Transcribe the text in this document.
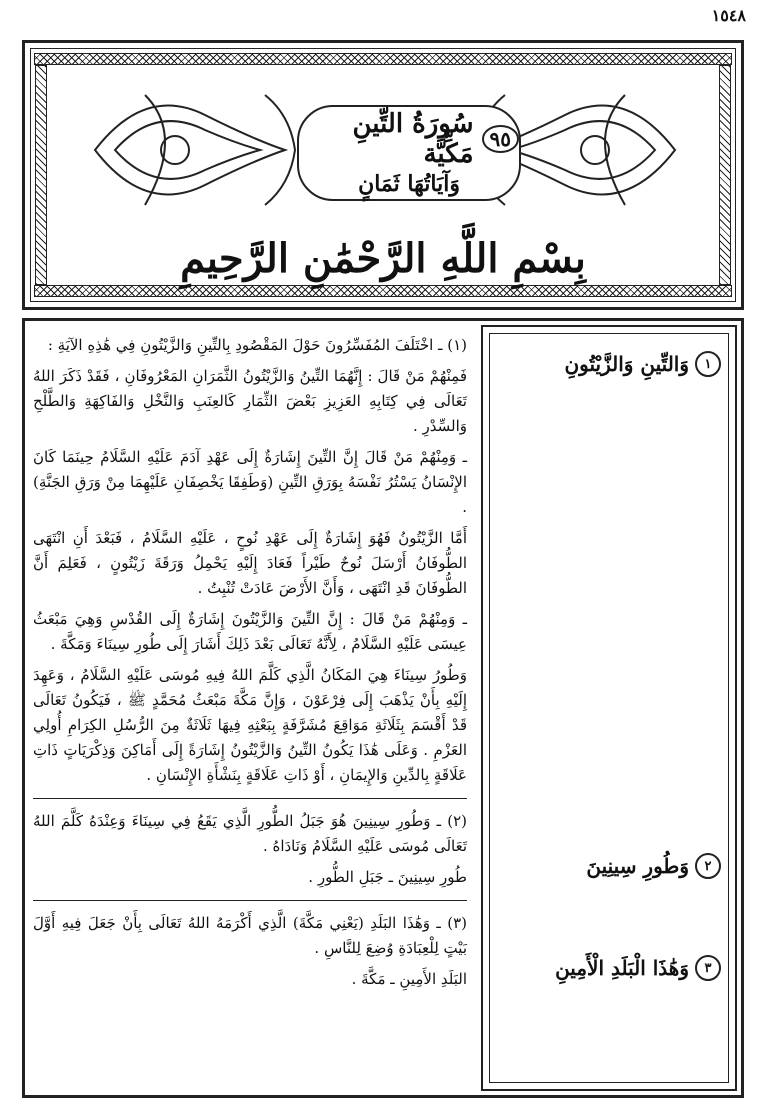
١٥٤٨
٩٥
سُورَةُ التِّينِ مَكِّيَّة
وَآيَاتُهَا ثَمَانٍ
بِسْمِ اللَّهِ الرَّحْمَٰنِ الرَّحِيمِ
١
وَالتِّينِ وَالزَّيْتُونِ
٢
وَطُورِ سِينِينَ
٣
وَهَٰذَا الْبَلَدِ الْأَمِينِ

(١) ـ اخْتَلَفَ المُفَسِّرُونَ حَوْلَ المَقْصُودِ بِالتِّينِ وَالزَّيْتُونِ فِي هَٰذِهِ الآيَةِ :

فَمِنْهُمْ مَنْ قَالَ : إِنَّهُمَا التِّينُ وَالزَّيْتُونُ الثَّمَرَانِ المَعْرُوفَانِ ، فَقَدْ ذَكَرَ اللهُ تَعَالَى فِي كِتَابِهِ العَزِيزِ بَعْضَ الثِّمَارِ كَالعِنَبِ وَالنَّخْلِ وَالفَاكِهَةِ وَالطَّلْحِ وَالسِّدْرِ .

ـ وَمِنْهُمْ مَنْ قَالَ إِنَّ التِّينَ إِشَارَةٌ إِلَى عَهْدِ آدَمَ عَلَيْهِ السَّلَامُ حِينَمَا كَانَ الإِنْسَانُ يَسْتُرُ نَفْسَهُ بِوَرَقِ التِّينِ (وَطَفِقَا يَخْصِفَانِ عَلَيْهِمَا مِنْ وَرَقِ الجَنَّةِ) .

أَمَّا الزَّيْتُونُ فَهُوَ إِشَارَةٌ إِلَى عَهْدِ نُوحٍ ، عَلَيْهِ السَّلَامُ ، فَبَعْدَ أَنِ انْتَهَى الطُّوفَانُ أَرْسَلَ نُوحٌ طَيْراً فَعَادَ إِلَيْهِ يَحْمِلُ وَرَقَةَ زَيْتُونٍ ، فَعَلِمَ أَنَّ الطُّوفَانَ قَدِ انْتَهَى ، وَأَنَّ الأَرْضَ عَادَتْ تُنْبِتُ .

ـ وَمِنْهُمْ مَنْ قَالَ : إِنَّ التِّينَ وَالزَّيْتُونَ إِشَارَةٌ إِلَى القُدْسِ وَهِيَ مَبْعَثُ عِيسَى عَلَيْهِ السَّلَامُ ، لِأَنَّهُ تَعَالَى بَعْدَ ذَلِكَ أَشَارَ إِلَى طُورِ سِينَاءَ وَمَكَّةَ .

وَطُورُ سِينَاءَ هِيَ المَكَانُ الَّذِي كَلَّمَ اللهُ فِيهِ مُوسَى عَلَيْهِ السَّلَامُ ، وَعَهِدَ إِلَيْهِ بِأَنْ يَذْهَبَ إِلَى فِرْعَوْنَ ، وَإِنَّ مَكَّةَ مَبْعَثُ مُحَمَّدٍ ﷺ ، فَيَكُونُ تَعَالَى قَدْ أَقْسَمَ بِثَلَاثَةِ مَوَاقِعَ مُشَرَّفَةٍ بِبَعْثِهِ فِيهَا ثَلَاثَةٌ مِنَ الرُّسُلِ الكِرَامِ أُولِي العَزْمِ . وَعَلَى هَٰذَا يَكُونُ التِّينُ وَالزَّيْتُونُ إِشَارَةً إِلَى أَمَاكِنَ وَذِكْرَيَاتٍ ذَاتِ عَلَاقَةٍ بِالدِّينِ وَالإِيمَانِ ، أَوْ ذَاتِ عَلَاقَةٍ بِنَشْأَةِ الإِنْسَانِ .

(٢) ـ وَطُورِ سِينِينَ هُوَ جَبَلُ الطُّورِ الَّذِي يَقَعُ فِي سِينَاءَ وَعِنْدَهُ كَلَّمَ اللهُ تَعَالَى مُوسَى عَلَيْهِ السَّلَامُ وَنَادَاهُ .

طُورِ سِينِينَ ـ جَبَلِ الطُّورِ .

(٣) ـ وَهَٰذَا البَلَدِ (يَعْنِي مَكَّةَ) الَّذِي أَكْرَمَهُ اللهُ تَعَالَى بِأَنْ جَعَلَ فِيهِ أَوَّلَ بَيْتٍ لِلْعِبَادَةِ وُضِعَ لِلنَّاسِ .

البَلَدِ الأَمِينِ ـ مَكَّةَ .
